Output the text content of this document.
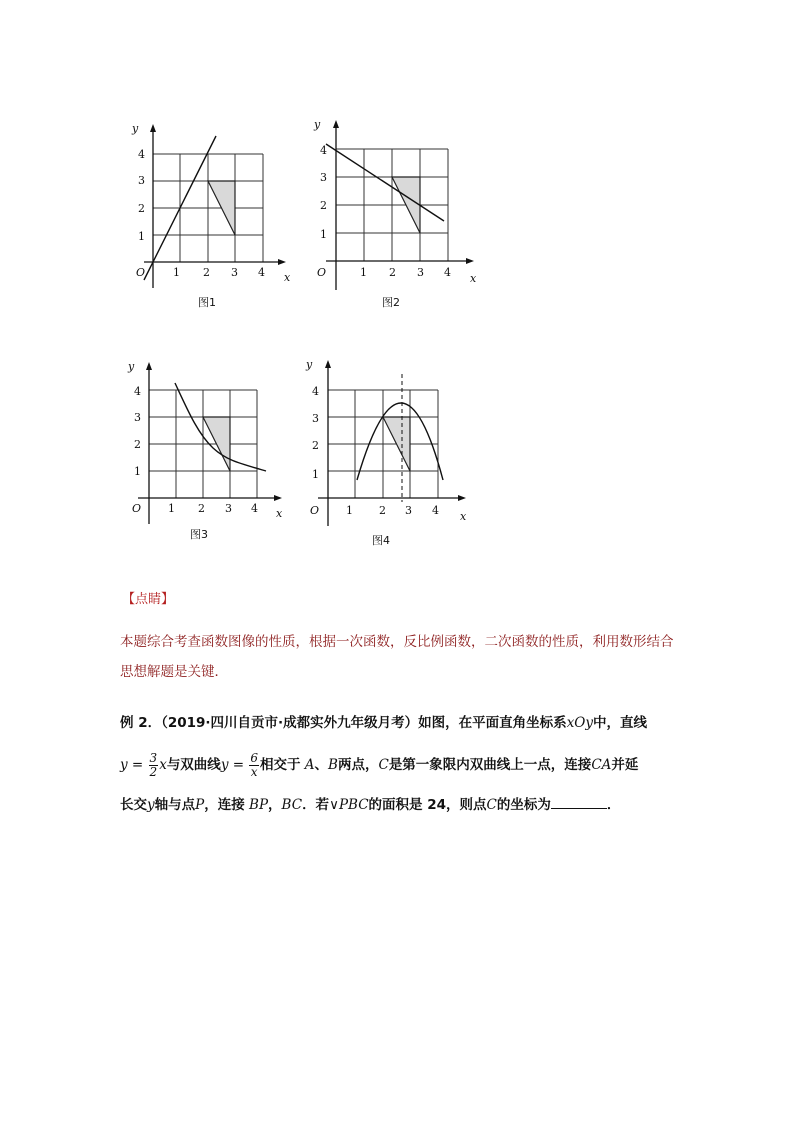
y
x
O	1 2 3 4
1
2
3
4
图1
y
x
O	1 2 3 4
1
2
3
4
图2
y
x
O 1 2 3 4
1
2
3
4
图3
y
x
O 1 2 3 4
1
2
3
4
图4
【点睛】
本题综合考查函数图像的性质，根据一次函数，反比例函数，二次函数的性质，利用数形结合思想解题是关键．
例 2．（2019·四川自贡市·成都实外九年级月考）如图，在平面直角坐标系xOy中，直线
$y = \frac{3}{2}$ x与双曲线$y = \frac{6}{x}$ 相交于 A、B两点，C是第一象限内双曲线上一点，连接CA并延
长交y轴与点P，连接 BP，BC．若∨PBC的面积是 24，则点C的坐标为	．
